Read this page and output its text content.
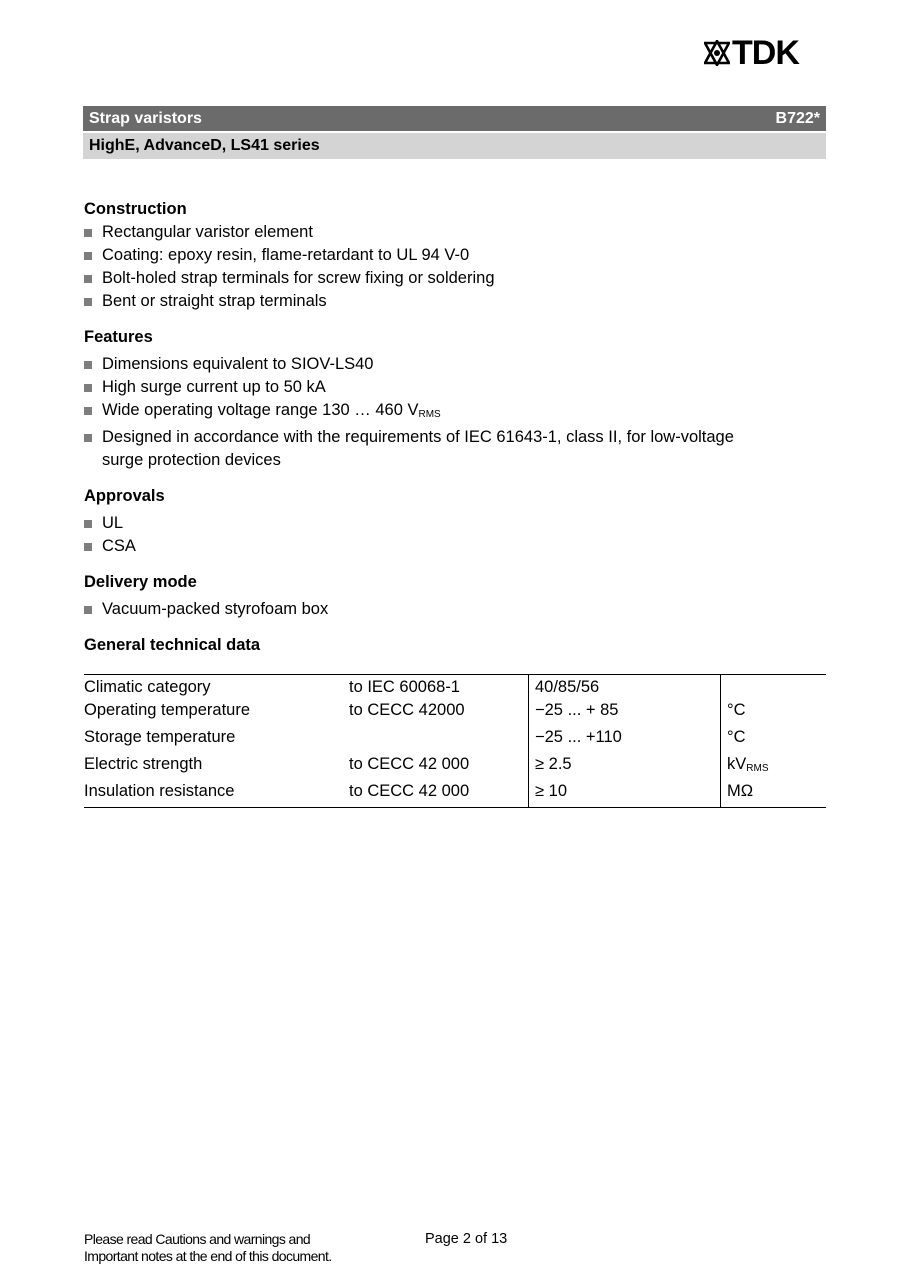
TDK
Strap varistors	B722*
HighE, AdvanceD, LS41 series
Construction
Rectangular varistor element
Coating: epoxy resin, flame-retardant to UL 94 V-0
Bolt-holed strap terminals for screw fixing or soldering
Bent or straight strap terminals
Features
Dimensions equivalent to SIOV-LS40
High surge current up to 50 kA
Wide operating voltage range 130 … 460 $V_{RMS}$
Designed in accordance with the requirements of IEC 61643-1, class II, for low-voltage
surge protection devices
Approvals
UL
CSA
Delivery mode
Vacuum-packed styrofoam box
General technical data
Climatic category	to IEC 60068-1	40/85/56	
Operating temperature	to CECC 42000	−25 ... + 85	°C
Storage temperature		−25 ... +110	°C
Electric strength	to CECC 42 000	≥ 2.5	$kV_{RMS}$
Insulation resistance	to CECC 42 000	≥ 10	MΩ
Please read Cautions and warnings and
Important notes at the end of this document.
Page 2 of 13
